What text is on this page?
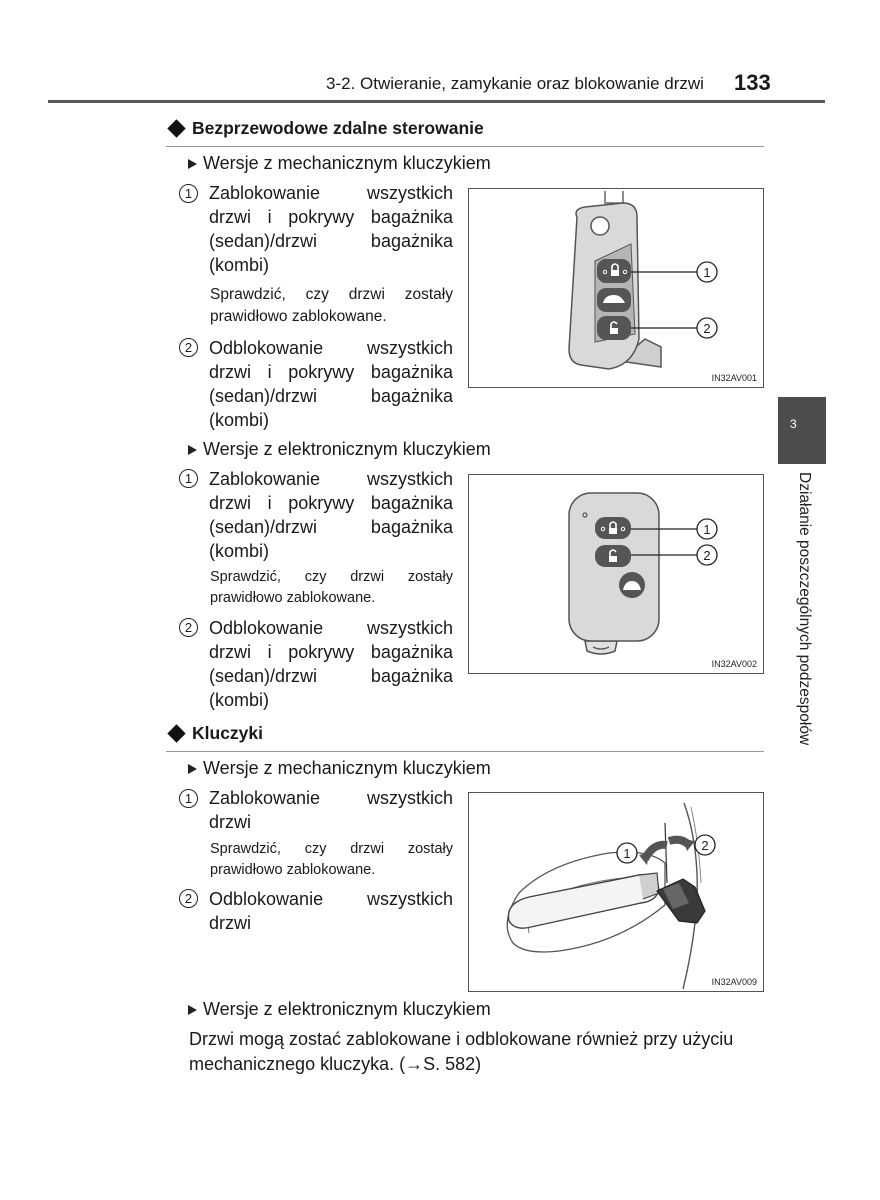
3-2. Otwieranie, zamykanie oraz blokowanie drzwi 133
Bezprzewodowe zdalne sterowanie
Wersje z mechanicznym kluczykiem
1 Zablokowanie wszystkich drzwi i pokrywy bagażnika (sedan)/drzwi bagażnika (kombi)
Sprawdzić, czy drzwi zostały prawidłowo zablokowane.
2 Odblokowanie wszystkich drzwi i pokrywy bagażnika (sedan)/drzwi bagażnika (kombi)
1
2
IN32AV001
Wersje z elektronicznym kluczykiem
1 Zablokowanie wszystkich drzwi i pokrywy bagażnika (sedan)/drzwi bagażnika (kombi)
Sprawdzić, czy drzwi zostały prawidłowo zablokowane.
2 Odblokowanie wszystkich drzwi i pokrywy bagażnika (sedan)/drzwi bagażnika (kombi)
1
2
IN32AV002
Kluczyki
Wersje z mechanicznym kluczykiem
1 Zablokowanie wszystkich drzwi
Sprawdzić, czy drzwi zostały prawidłowo zablokowane.
2 Odblokowanie wszystkich drzwi
1
2
IN32AV009
Wersje z elektronicznym kluczykiem
Drzwi mogą zostać zablokowane i odblokowane również przy użyciu mechanicznego kluczyka. (→S. 582)
3
Działanie poszczególnych podzespołów
